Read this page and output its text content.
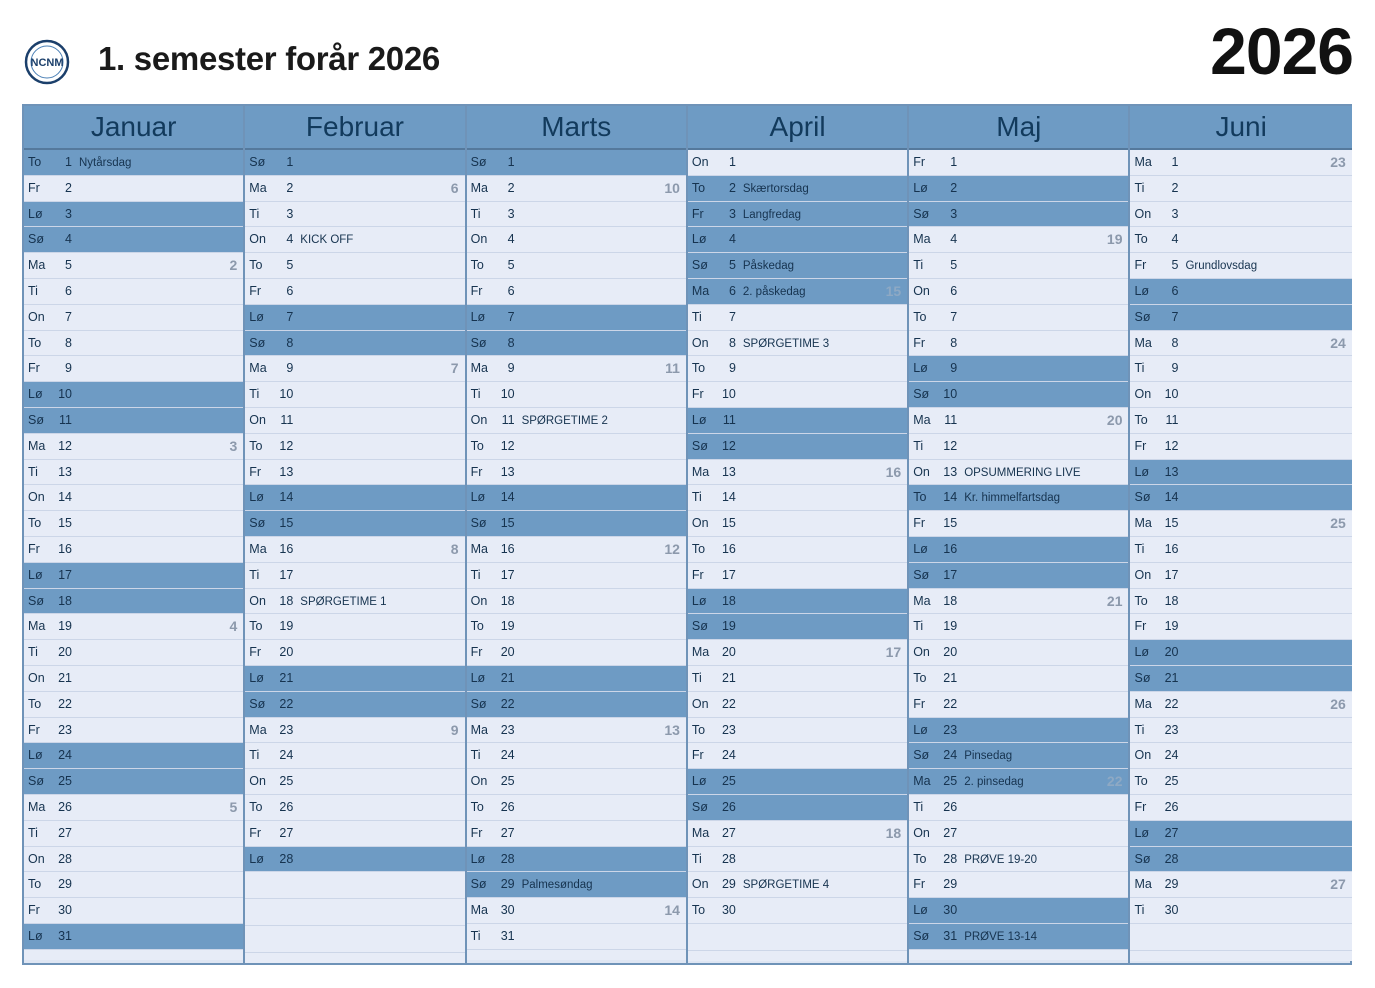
NCNM 1. semester forår 2026	2026
Januar
To 1 Nytårsdag
Fr 2
Lø 3
Sø 4
Ma 5	2
Ti 6
On 7
To 8
Fr 9
Lø 10
Sø 11
Ma 12	3
Ti 13
On 14
To 15
Fr 16
Lø 17
Sø 18
Ma 19	4
Ti 20
On 21
To 22
Fr 23
Lø 24
Sø 25
Ma 26	5
Ti 27
On 28
To 29
Fr 30
Lø 31
Februar
Sø 1
Ma 2	6
Ti 3
On 4 KICK OFF
To 5
Fr 6
Lø 7
Sø 8
Ma 9	7
Ti 10
On 11
To 12
Fr 13
Lø 14
Sø 15
Ma 16	8
Ti 17
On 18 SPØRGETIME 1
To 19
Fr 20
Lø 21
Sø 22
Ma 23	9
Ti 24
On 25
To 26
Fr 27
Lø 28
Marts
Sø 1
Ma 2	10
Ti 3
On 4
To 5
Fr 6
Lø 7
Sø 8
Ma 9	11
Ti 10
On 11 SPØRGETIME 2
To 12
Fr 13
Lø 14
Sø 15
Ma 16	12
Ti 17
On 18
To 19
Fr 20
Lø 21
Sø 22
Ma 23	13
Ti 24
On 25
To 26
Fr 27
Lø 28
Sø 29 Palmesøndag
Ma 30	14
Ti 31
April
On 1
To 2 Skærtorsdag
Fr 3 Langfredag
Lø 4
Sø 5 Påskedag
Ma 6 2. påskedag	15
Ti 7
On 8 SPØRGETIME 3
To 9
Fr 10
Lø 11
Sø 12
Ma 13	16
Ti 14
On 15
To 16
Fr 17
Lø 18
Sø 19
Ma 20	17
Ti 21
On 22
To 23
Fr 24
Lø 25
Sø 26
Ma 27	18
Ti 28
On 29 SPØRGETIME 4
To 30
Maj
Fr 1
Lø 2
Sø 3
Ma 4	19
Ti 5
On 6
To 7
Fr 8
Lø 9
Sø 10
Ma 11	20
Ti 12
On 13 OPSUMMERING LIVE
To 14 Kr. himmelfartsdag
Fr 15
Lø 16
Sø 17
Ma 18	21
Ti 19
On 20
To 21
Fr 22
Lø 23
Sø 24 Pinsedag
Ma 25 2. pinsedag	22
Ti 26
On 27
To 28 PRØVE 19-20
Fr 29
Lø 30
Sø 31 PRØVE 13-14
Juni
Ma 1	23
Ti 2
On 3
To 4
Fr 5 Grundlovsdag
Lø 6
Sø 7
Ma 8	24
Ti 9
On 10
To 11
Fr 12
Lø 13
Sø 14
Ma 15	25
Ti 16
On 17
To 18
Fr 19
Lø 20
Sø 21
Ma 22	26
Ti 23
On 24
To 25
Fr 26
Lø 27
Sø 28
Ma 29	27
Ti 30
